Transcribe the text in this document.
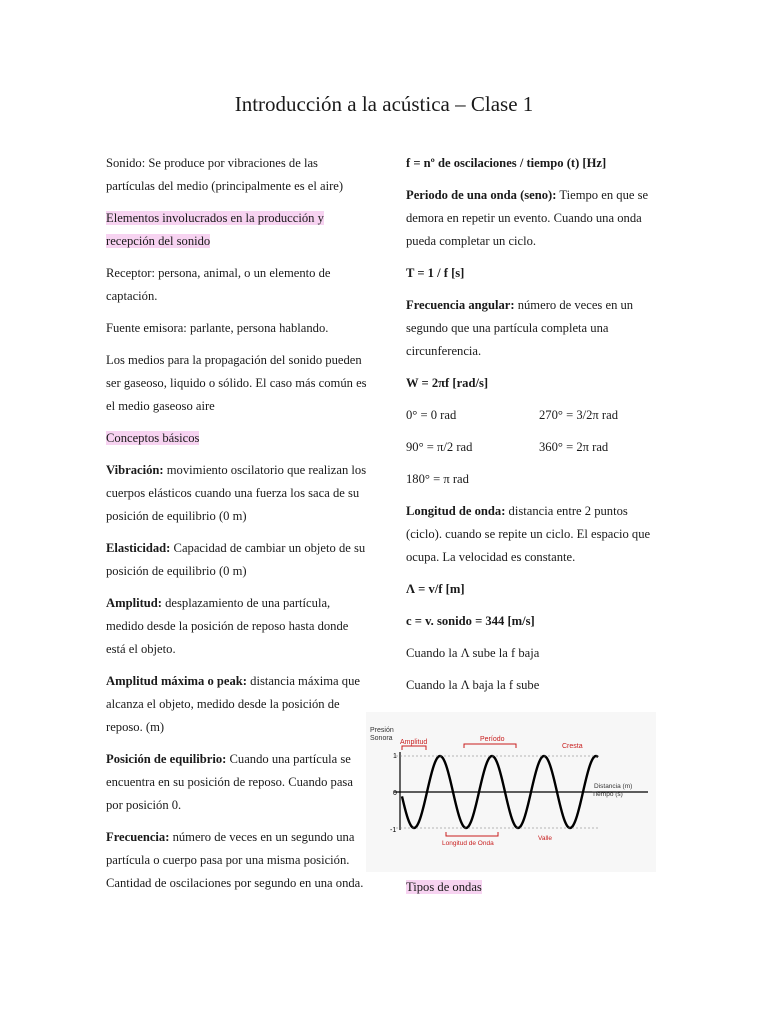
Introducción a la acústica – Clase 1

Sonido: Se produce por vibraciones de las partículas del medio (principalmente es el aire)

Elementos involucrados en la producción y recepción del sonido

Receptor: persona, animal, o un elemento de captación.

Fuente emisora: parlante, persona hablando.

Los medios para la propagación del sonido pueden ser gaseoso, liquido o sólido. El caso más común es el medio gaseoso aire

Conceptos básicos

Vibración: movimiento oscilatorio que realizan los cuerpos elásticos cuando una fuerza los saca de su posición de equilibrio (0 m)

Elasticidad: Capacidad de cambiar un objeto de su posición de equilibrio (0 m)

Amplitud: desplazamiento de una partícula, medido desde la posición de reposo hasta donde está el objeto.

Amplitud máxima o peak: distancia máxima que alcanza el objeto, medido desde la posición de reposo. (m)

Posición de equilibrio: Cuando una partícula se encuentra en su posición de reposo. Cuando pasa por posición 0.

Frecuencia: número de veces en un segundo una partícula o cuerpo pasa por una misma posición. Cantidad de oscilaciones por segundo en una onda.

f = nº de oscilaciones / tiempo (t) [Hz]

Periodo de una onda (seno): Tiempo en que se demora en repetir un evento. Cuando una onda pueda completar un ciclo.

T = 1 / f [s]

Frecuencia angular: número de veces en un segundo que una partícula completa una circunferencia.

W = 2πf [rad/s]

0° = 0 rad	270° = 3/2π rad

90° = π/2 rad	360° = 2π rad

180° = π rad

Longitud de onda: distancia entre 2 puntos (ciclo). cuando se repite un ciclo. El espacio que ocupa. La velocidad es constante.

Λ = v/f [m]

c = v. sonido = 344 [m/s]

Cuando la Λ sube la f baja

Cuando la Λ baja la f sube

Presión
Sonora
1
0
-1
Distancia (m)
Tiempo (s)
Amplitud	Período
Cresta
Longitud de Onda
Valle
Tipos de ondas
